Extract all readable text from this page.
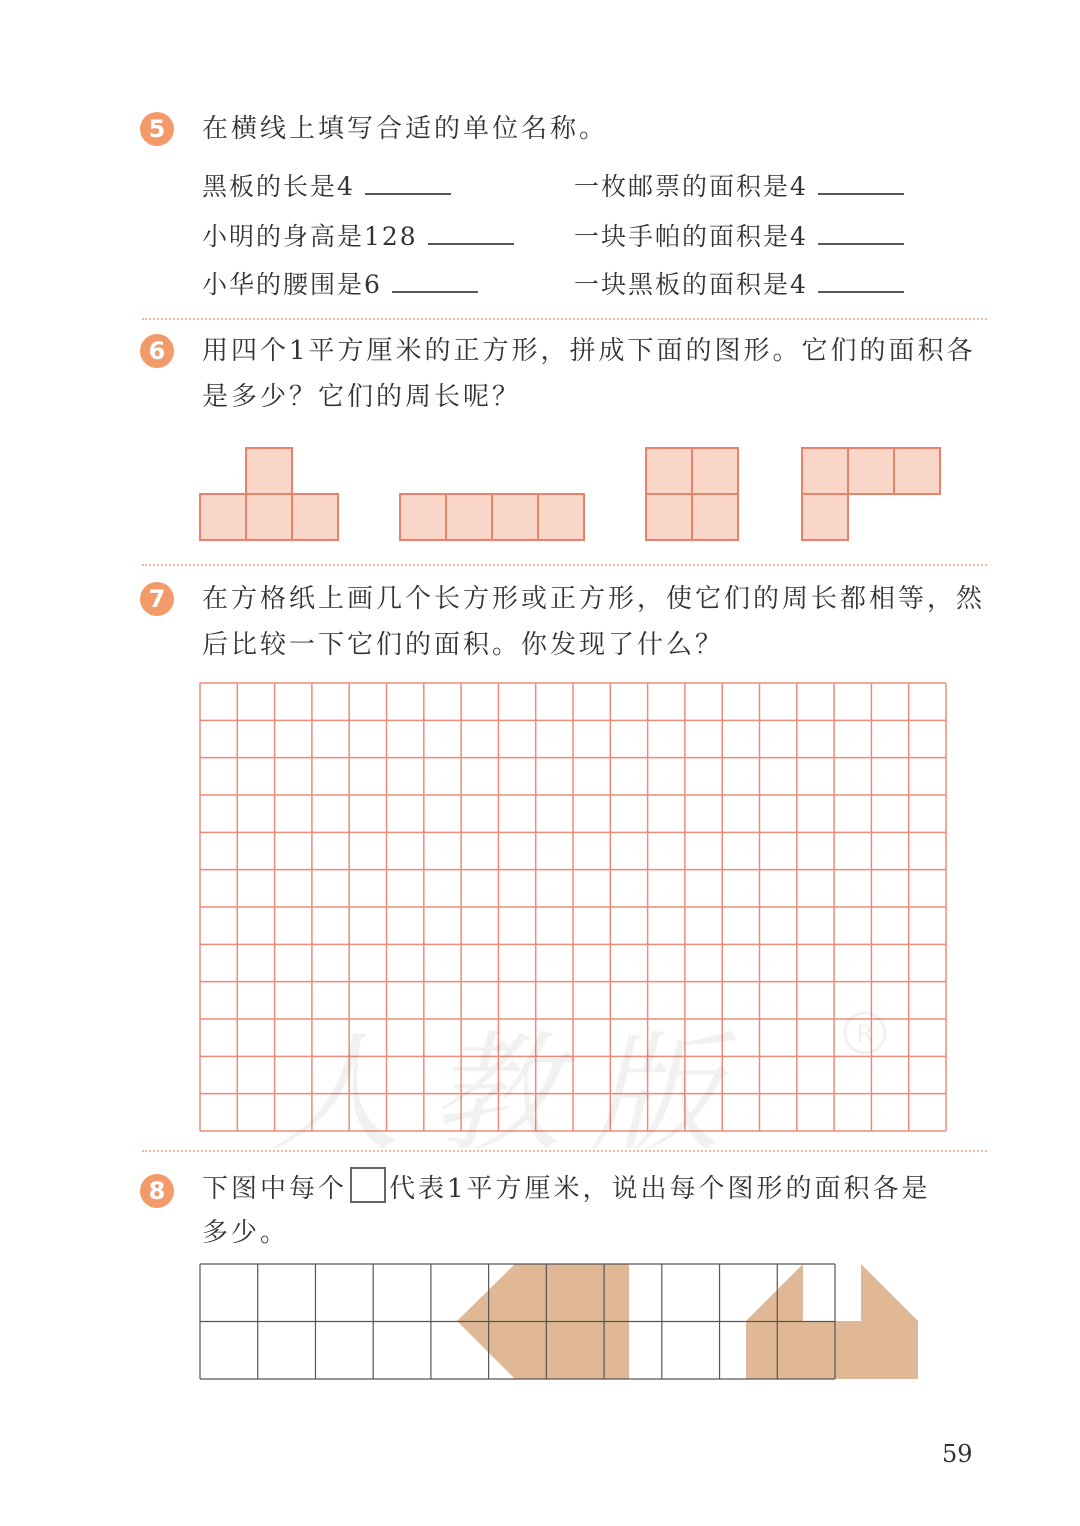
5	在横线上填写合适的单位名称。
黑板的长是4	一枚邮票的面积是4
小明的身高是128	一块手帕的面积是4
小华的腰围是6	一块黑板的面积是4
6	用四个1平方厘米的正方形，拼成下面的图形。它们的面积各
是多少？它们的周长呢？
7	在方格纸上画几个长方形或正方形，使它们的周长都相等，然
后比较一下它们的面积。你发现了什么？
人教版	R
8	下图中每个 代表1平方厘米，说出每个图形的面积各是
多少。
59
